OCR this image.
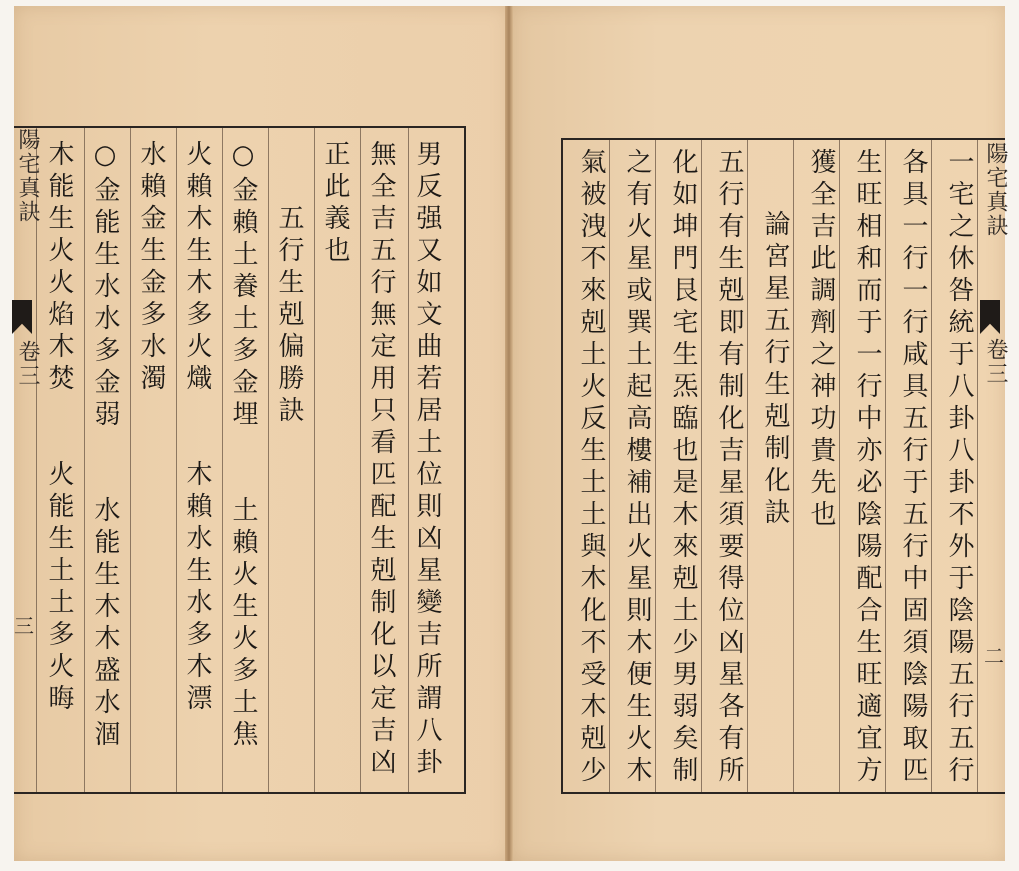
陽宅真訣
卷三
三	男反强又如文曲若居土位則凶星變吉所謂八卦
無全吉五行無定用只看匹配生剋制化以定吉凶
正此義也
五行生剋偏勝訣
○金賴土養土多金埋　　土賴火生火多土焦
火賴木生木多火熾　　木賴水生水多木漂
水賴金生金多水濁
○金能生水水多金弱　　水能生木木盛水涸
木能生火火焰木焚　　火能生土土多火晦	陽宅真訣
卷三
二
一宅之休咎統于八卦八卦不外于陰陽五行五行
各具一行一行咸具五行于五行中固須陰陽取匹
生旺相和而于一行中亦必陰陽配合生旺適宜方
獲全吉此調劑之神功貴先也
論宮星五行生剋制化訣
五行有生剋即有制化吉星須要得位凶星各有所
化如坤門艮宅生炁臨也是木來剋土少男弱矣制
之有火星或巽土起高樓補出火星則木便生火木
氣被洩不來剋土火反生土土與木化不受木剋少
